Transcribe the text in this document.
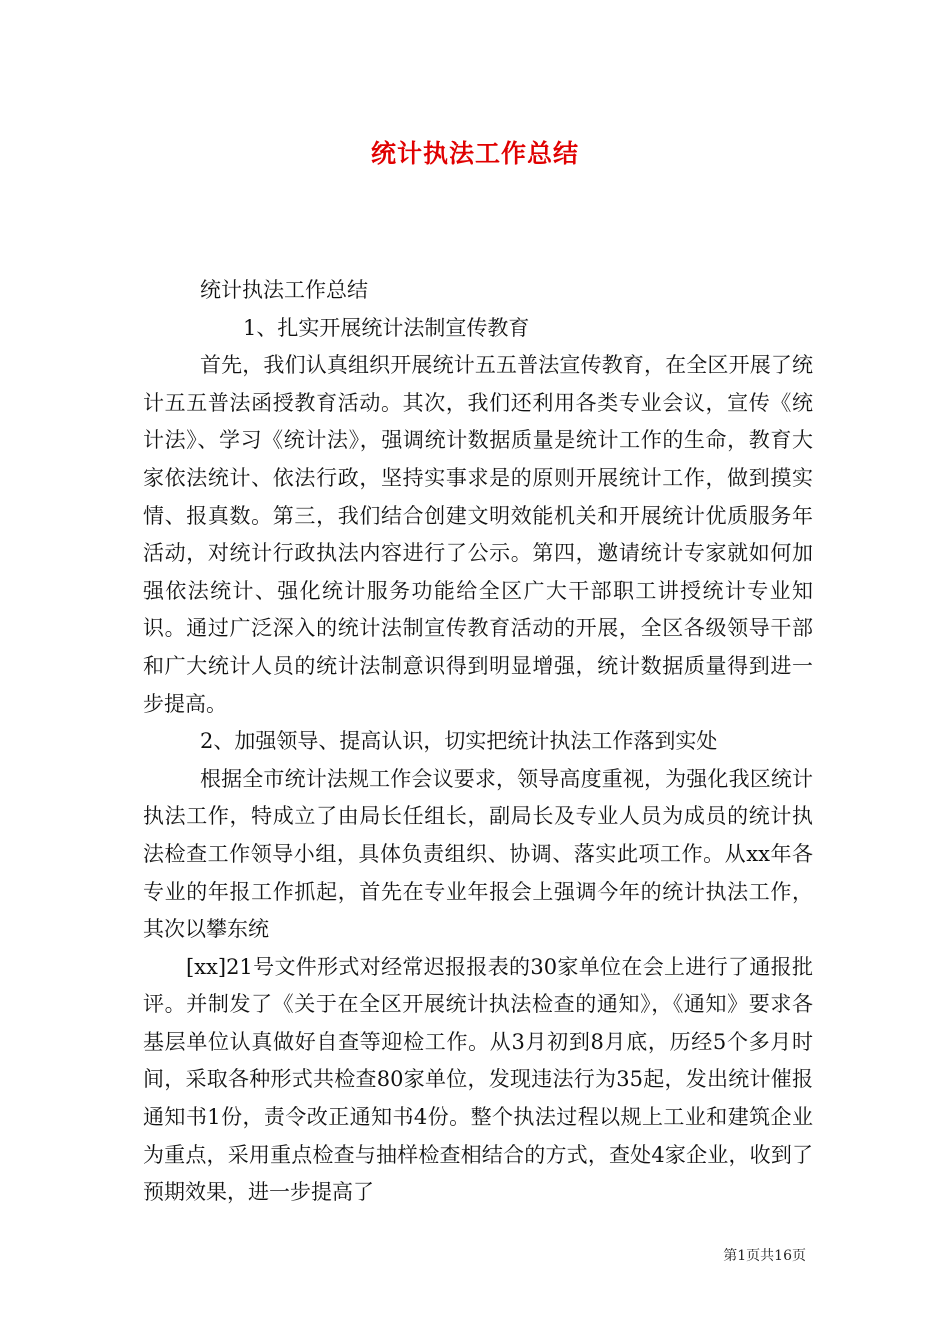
统计执法工作总结

统计执法工作总结

1、扎实开展统计法制宣传教育

首先，我们认真组织开展统计五五普法宣传教育，在全区开展了统计五五普法函授教育活动。其次，我们还利用各类专业会议，宣传《统计法》、学习《统计法》，强调统计数据质量是统计工作的生命，教育大家依法统计、依法行政，坚持实事求是的原则开展统计工作，做到摸实情、报真数。第三，我们结合创建文明效能机关和开展统计优质服务年活动，对统计行政执法内容进行了公示。第四，邀请统计专家就如何加强依法统计、强化统计服务功能给全区广大干部职工讲授统计专业知识。通过广泛深入的统计法制宣传教育活动的开展，全区各级领导干部和广大统计人员的统计法制意识得到明显增强，统计数据质量得到进一步提高。

2、加强领导、提高认识，切实把统计执法工作落到实处

根据全市统计法规工作会议要求，领导高度重视，为强化我区统计执法工作，特成立了由局长任组长，副局长及专业人员为成员的统计执法检查工作领导小组，具体负责组织、协调、落实此项工作。从xx年各专业的年报工作抓起，首先在专业年报会上强调今年的统计执法工作，其次以攀东统

[xx]21号文件形式对经常迟报报表的30家单位在会上进行了通报批评。并制发了《关于在全区开展统计执法检查的通知》，《通知》要求各基层单位认真做好自查等迎检工作。从3月初到8月底，历经5个多月时间，采取各种形式共检查80家单位，发现违法行为35起，发出统计催报通知书1份，责令改正通知书4份。整个执法过程以规上工业和建筑企业为重点，采用重点检查与抽样检查相结合的方式，查处4家企业，收到了预期效果，进一步提高了

第1页共16页
